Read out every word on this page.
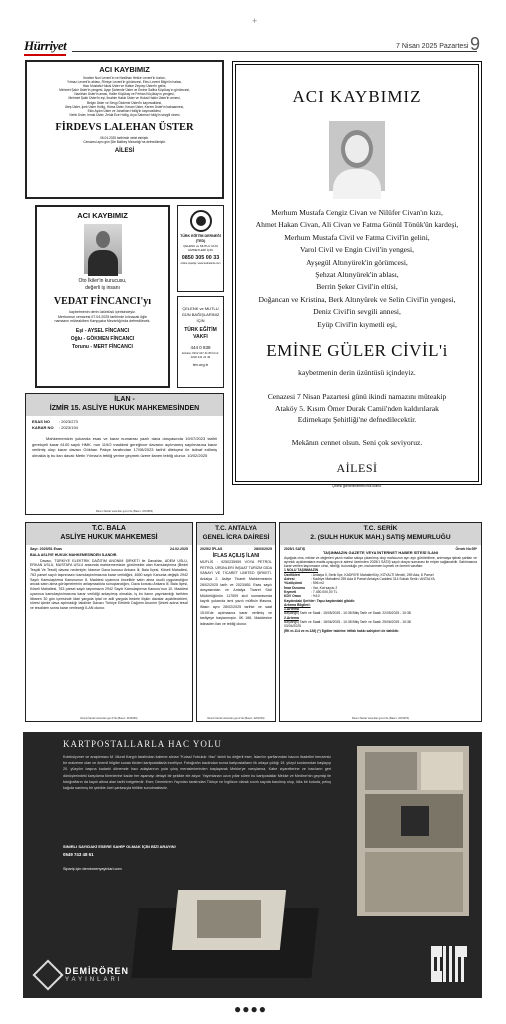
+
Hürriyet	7 Nisan 2025 Pazartesi 9
ACI KAYBIMIZ
İbrahim Nuri Leventʼin ve Neslihan Helice Leventʼin kızları,
Yılmaz Leventʼin ablası, Filmiye Leventʼin görümcesi, Ebru Levent Bilgin'in halası,
Hacı Mustafa Hulusi Üster ve Hatice Zeynep Üster'in gelini,
Mehmet Şakir Üster'in yengesi, Ayşe Şahende Üster ve Emine Saliha Küçükay'ın görümcesi,
Nazlıhan Üster'in anası, Halim Küçükay ve Ferhan Küçükay'ın yengesi,
Mehmet Şakir Üster'in eşi, İbrahim Hakkı Üster ve Hulusi Hakkı Üster'in annesi,
Belgin Üster ve Sevgi Özdemir Üster'in kayınvalidesi,
Ateş Üster, İpek Üster Hollig, Hüma Üster, Kenan Üster, Kerem Üster'in babaannesi,
Ekin Aydın Üster ve Jonathan Hollig'in kayınvalidesi,
Nehir Üster, Irmak Üster, Zelda Ece Hollig, Arya Sabrina Hollig'in sevgili ninesi
FİRDEVS LALEHAN ÜSTER
06.04.2025 tarihinde vefat etmiştir.
Cenazesi aynı gün Şile Balibey Mezarlığı'na defnedilmiştir.
AİLESİ
ACI KAYBIMIZ
Oto İkiler'in kurucusu, değerli iş insanı
VEDAT FİNCANCI'yı
kaybetmenin derin üzüntüsü içerisindeyiz.
Merhumun cenazesi 07.04.2025 tarihinde kılınacak öğle
namazını müteakiben Karşıyaka Mezarlığı'nda defnedilecek.
Eşi - AYSEL FİNCANCI
Oğlu - GÖKMEN FİNCANCI
Torunu - MERT FİNCANCI
TÜRK EĞİTİM DERNEĞİ (TED)
ÇELENK ve MUTLU GÜN HİZMETLERİ İÇİN
0850 305 00 33
online siparişi: www.tedcelenk.com
ÇELENK ve MUTLU GÜN BAĞIŞLARINIZ İÇİN
TÜRK EĞİTİM VAKFI
444 0 838
Ankara: 0312 417 41 80 İzmir: 0232 441 21 46
tev.org.tr
ACI KAYBIMIZ
Merhum Mustafa Cengiz Civan ve Nilüfer Civan'ın kızı,
Ahmet Hakan Civan, Ali Civan ve Fatma Gönül Tönük'ün kardeşi,
Merhum Mustafa Civil ve Fatma Civil'in gelini,
Varol Civil ve Engin Civil'in yengesi,
Ayşegül Altınyürek'in görümcesi,
Şehzat Altınyürek'in ablası,
Berrin Şeker Civil'in eltísi,
Doğancan ve Kristina, Berk Altınyürek ve Selin Civil'in yengesi,
Deniz Civil'in sevgili annesi,
Eyüp Civil'in kıymetli eşi,
EMİNE GÜLER CİVİL'i
kaybetmenin derin üzüntüsü içindeyiz.
Cenazesi 7 Nisan Pazartesi günü ikindi namazını müteakip
Ataköy 5. Kısım Ömer Durak Camii'nden kaldırılarak
Edirnekapı Şehitliği'ne defnedilecektir.
Mekânın cennet olsun. Seni çok seviyoruz.
AİLESİ
Çelenk gönderilmemesi rica olunur.
İLAN -
İZMİR 15. ASLİYE HUKUK MAHKEMESİNDEN
ESAS NO	: 2023/273
KARAR NO	: 2023/194
Mahkememizin yukarıda esas ve karar numarası yazılı dava dosyasında 19/07/2023 tarihli gerekçeli karar 6100 sayılı HMK. nun 119/2 maddesi gereğince davanın açılmamış sayılmasına karar verilmiş olup karar davacı Gökhan Pakçe tarafından 17/08/2023 tarihli dilekçesi ile istinaf edilmiş olmakla iş bu ilan davalı Metin Yılmaz'a tebliğ yerine geçmek üzere ilanen tebliğ olunur. 10/02/2025
Resmi İlanlar www.ilan.gov.tr'de (Basın: 2201853)
T.C. BALA
ASLİYE HUKUK MAHKEMESİ
Sayı: 2025/51 Esas	24.02.2025
BALA ASLİYE HUKUK MAHKEMESİNDEN İLANDIR.
Davacı, TÜRKİYE ELEKTRİK DAĞITIM ANONİM ŞİRKETİ ile Davalılar, ADEM USLU, ERKAN USLU, MUSTAFA USLU arasında mahkememizde görülmekte olan Kamulaştırma (Bedel Tespiti Ve Tescil) davası nedeniyle; İdarece Dava konusu Ankara İli, Bala İlçesi, Köseli Mahallesi, 763 parsel sayılı taşınmazın kamulaştırılmasına karar verildiğini, 4650 sayılı Kanunla değişik 2942 Sayılı Kamulaştırma Kanununun 8. Maddesi uyarınca öncelikle satın alma usulü uygulandığını ancak satın alma görüşmelerinin anlaşmazlıkla sonuçlandığını, Dava konusu Ankara İli, Bala İlçesi, Köseli Mahallesi, 763 parsel sayılı taşınmazın 2942 Sayılı Kamulaştırma Kanunu'nun 10. Maddesi uyarınca kamulaştırılmasına karar verildiği anlaşılmış olmakla, iş bu ilanın yayınlandığı tarihten itibaren 30 gün içerisinde idari yargıda iptal ve adli yargıda bedele ilişkin davalar açabilecekleri, süresi içinde dava açılmadığı takdirde Davacı Türkiye Elektrik Dağıtım Anonim Şirketi adına tescil ve tescilden sonra karar verileceği İLAN olunur.
Resmi İlanlar www.ilan.gov.tr'de (Basın: 2196336)
T.C. ANTALYA
GENEL İCRA DAİRESİ
2025/2 İFLAS	28/03/2025
İFLAS AÇILIŞ İLANI
MÜFLİS : 9250235959 VOYA PETROL PETROL ÜRÜNLERİ İNŞAAT TURİZM GIDA SANAYİ VE TİCARET LİMİTED ŞİRKETİ. Antalya 2. Asliye Ticaret Mahkemesinin 28/02/2025 tarih ve 2023/851 Esas sayılı dosyasından ve Antalya Ticaret Sicil Müdürlüğünün 117509 sicil numarasında kayıtlı yukarıda ismi yazılı müflisin iflasına, iflasın aynı 28/02/2025 tarihte ve saat 15:00'de açılmasına karar verilmiş ve tasfiyeye başlanmıştır. İİK 166. Maddesine istinaden ilan ve tebliğ olunur.
Resmi İlanlar www.ilan.gov.tr'de (Basın: 2201649)
T.C. SERİK
2. (SULH HUKUK MAH.) SATIŞ MEMURLUĞU
2025/1 SATIŞ	Örnek No:55*
TAŞINMAZIN GAZETE VEYA İNTERNET HABER SİTESİ İLANI
Aşağıda cins, miktar ve değerleri yazılı mallar satışa çıkarılmış olup mahcuzun ayrı ayrı görülebilme, artırmaya iştirak şartları ve ayrıntılı açıklamalara esatis.uyap.gov.tr adresi üzerinden 2025/1 SATIŞ sayılı dosya numarası ile erişim sağlanabilir. Satılmasına karar verilen taşınmazın cinsi, niteliği, bulunduğu yer, muhammen kıymeti ve önemli vasıfları:
1 NOLU TAŞINMAZIN
Özellikleri	: Antalya İl, Serik İlçe, KADRİYE Mahalle/Köy, KÖYALTI Mevkii, 259 Ada, 8 Parsel
Adresi	: Kadriye Mahallesi 259 Ada 8 Parsel Antalya Caddesi 314 Sokak Serik / ANTALYA
Yüzölçümü	: 596 m2
İmar Durumu	: Var, Kat sayısı 2
Kıymeti	: 7.450.000,00 TL
KDV Oranı	: %10
Kaydındaki Şerhler: Tapu kaydındaki gibidir.
Artırma Bilgileri:
1.Artırma
Başlangıç Tarih ve Saati : 15/05/2025 - 10:38 Bitiş Tarih ve Saati: 22/05/2025 - 10:38
2.Artırma
Başlangıç Tarih ve Saati : 18/06/2025 - 10:38 Bitiş Tarih ve Saati: 25/06/2025 - 10:38
03/04/2025
(İİK m.114 ve m.126) (*) İlgililer tabirine irtifak hakkı sahipleri de dahildir.
Resmi İlanlar www.ilan.gov.tr'de (Basın: 2201970)
KARTPOSTALLARLA HAC YOLU
Koleksiyoner ve araştırmacı M. Murat Kargılı tarafından kaleme alınan "Kutsal Yolculuk: Hac" isimli bu değerli eser, İslam'ın şartlarından haccın ibadetini benzersiz bir malzeme olan ve önemli bilgiler sunan türden kartpostallarla incelliyor. Fotoğrafın icadından sonra kartpostalların ilk ortaya çıktığı 19. yüzyıl sonlarından başlayıp 20. yüzyılın başına kadarki dönemde hacı adaylarının yola çıkış merasimlerinden başlayarak Mekke'ye varışlarına, Kabe ziyaretlerine ve hacıların geri dönüşlerindeki karşılama törenlerine kadar her aşamayı detaylı bir şekilde ele alıyor. Yayımlanan uzun yıllar süren bu kartpostallar Mekke ve Medine'nin geçmişi ile fotoğrafların da kaydı altına alan tarihi belgelerdir. Eser; Demirören Yayınları tarafından Türkçe ve İngilizce olarak sınırlı sayıda basılmış olup, lüks bir kutuda, peluş kağıda sarılmış bir şekilde özel çantasıyla birlikte sunulmaktadır.
SINIRLI SAYIDAKİ ESERE SAHİP OLMAK İÇİN BİZİ ARAYIN!
0549 743 48 61
Sipariş için demirorenyayinlari.com
DEMİRÖREN
YAYINLARI
●●●●
